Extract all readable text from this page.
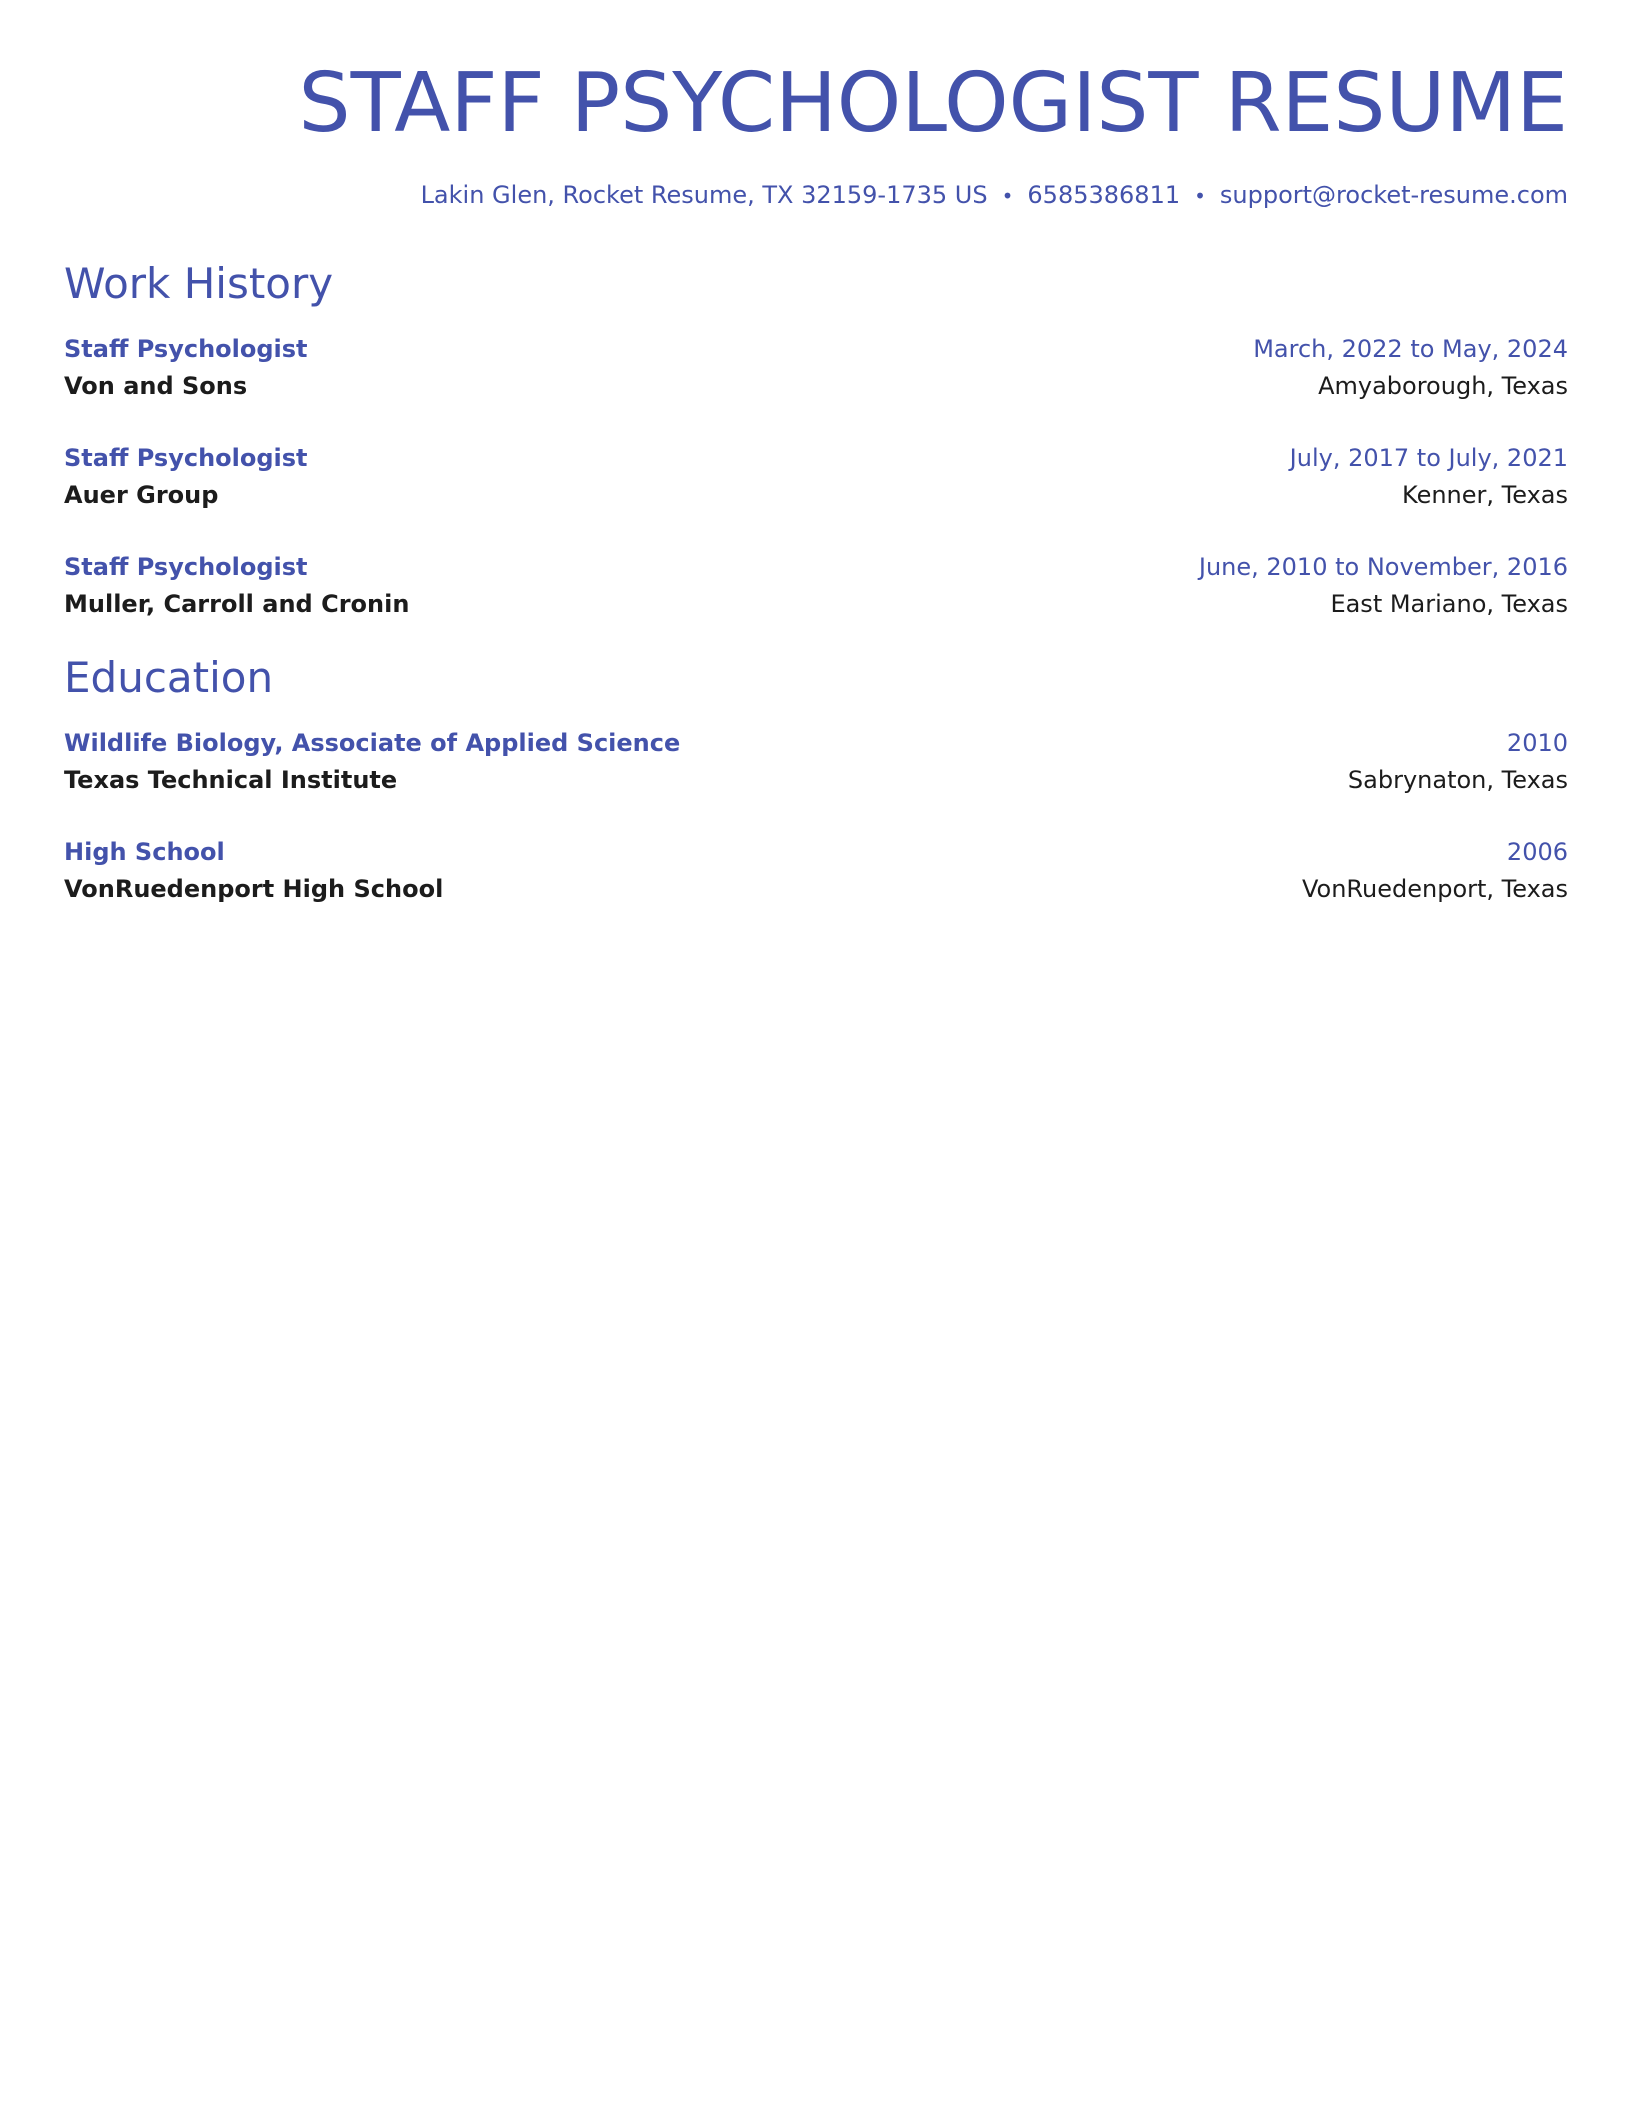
STAFF PSYCHOLOGIST RESUME
Lakin Glen, Rocket Resume, TX 32159-1735 US • 6585386811 • support@rocket-resume.com
Work History
Staff Psychologist	March, 2022 to May, 2024
Von and Sons	Amyaborough, Texas
Staff Psychologist	July, 2017 to July, 2021
Auer Group	Kenner, Texas
Staff Psychologist	June, 2010 to November, 2016
Muller, Carroll and Cronin	East Mariano, Texas
Education
Wildlife Biology, Associate of Applied Science	2010
Texas Technical Institute	Sabrynaton, Texas
High School	2006
VonRuedenport High School	VonRuedenport, Texas
